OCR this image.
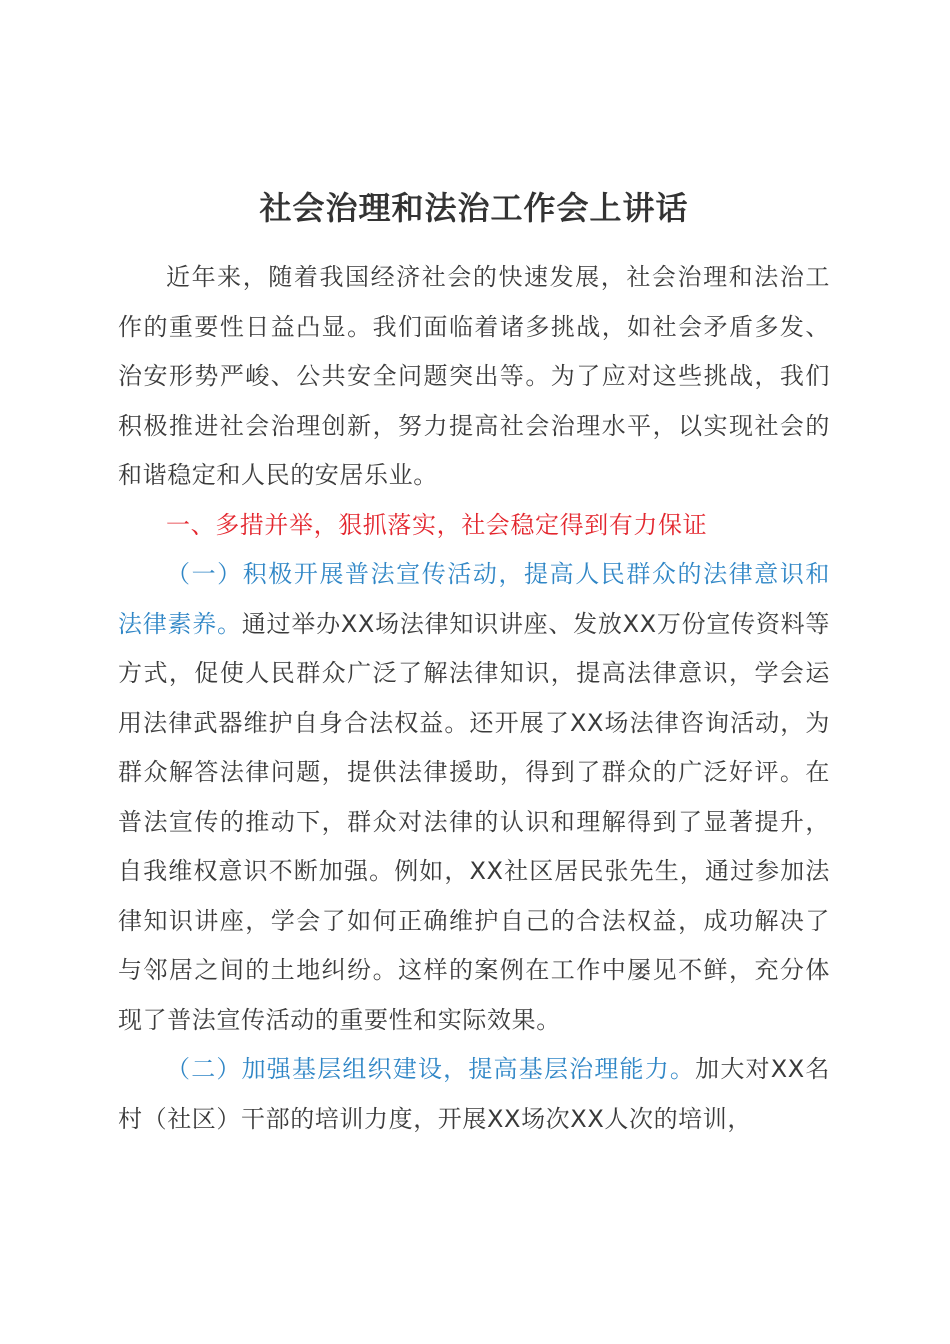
社会治理和法治工作会上讲话

近年来，随着我国经济社会的快速发展，社会治理和法治工作的重要性日益凸显。我们面临着诸多挑战，如社会矛盾多发、治安形势严峻、公共安全问题突出等。为了应对这些挑战，我们积极推进社会治理创新，努力提高社会治理水平，以实现社会的和谐稳定和人民的安居乐业。

一、多措并举，狠抓落实，社会稳定得到有力保证

（一）积极开展普法宣传活动，提高人民群众的法律意识和法律素养。通过举办XX场法律知识讲座、发放XX万份宣传资料等方式，促使人民群众广泛了解法律知识，提高法律意识，学会运用法律武器维护自身合法权益。还开展了XX场法律咨询活动，为群众解答法律问题，提供法律援助，得到了群众的广泛好评。在普法宣传的推动下，群众对法律的认识和理解得到了显著提升，自我维权意识不断加强。例如，XX社区居民张先生，通过参加法律知识讲座，学会了如何正确维护自己的合法权益，成功解决了与邻居之间的土地纠纷。这样的案例在工作中屡见不鲜，充分体现了普法宣传活动的重要性和实际效果。

（二）加强基层组织建设，提高基层治理能力。加大对XX名村（社区）干部的培训力度，开展XX场次XX人次的培训，
